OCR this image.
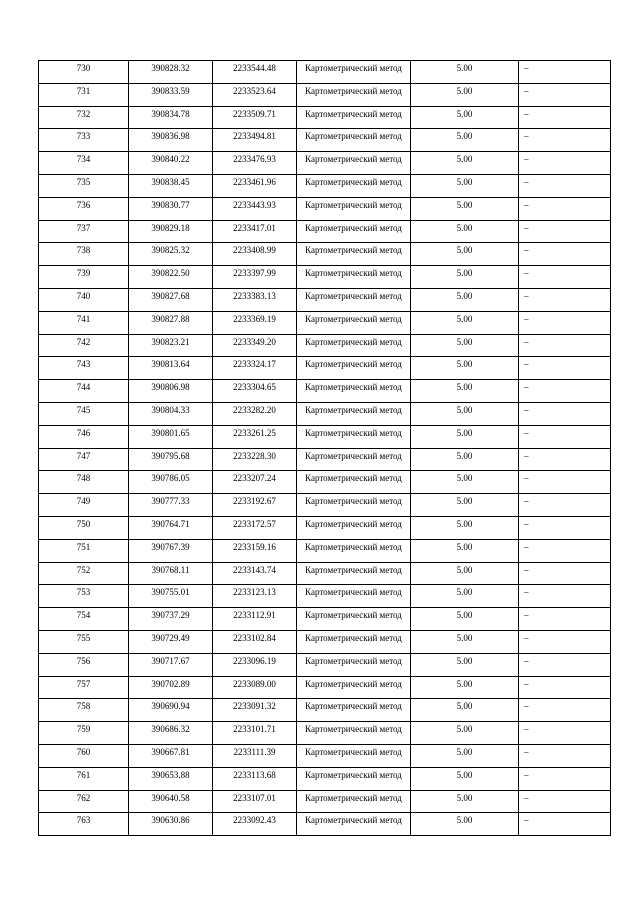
730	390828.32	2233544.48	Картометрический метод	5.00	–

731	390833.59	2233523.64	Картометрический метод	5.00	–

732	390834.78	2233509.71	Картометрический метод	5.00	–

733	390836.98	2233494.81	Картометрический метод	5.00	–

734	390840.22	2233476.93	Картометрический метод	5.00	–

735	390838.45	2233461.96	Картометрический метод	5.00	–

736	390830.77	2233443.93	Картометрический метод	5.00	–

737	390829.18	2233417.01	Картометрический метод	5.00	–

738	390825.32	2233408.99	Картометрический метод	5.00	–

739	390822.50	2233397.99	Картометрический метод	5.00	–

740	390827.68	2233383.13	Картометрический метод	5.00	–

741	390827.88	2233369.19	Картометрический метод	5.00	–

742	390823.21	2233349.20	Картометрический метод	5.00	–

743	390813.64	2233324.17	Картометрический метод	5.00	–

744	390806.98	2233304.65	Картометрический метод	5.00	–

745	390804.33	2233282.20	Картометрический метод	5.00	–

746	390801.65	2233261.25	Картометрический метод	5.00	–

747	390795.68	2233228.30	Картометрический метод	5.00	–

748	390786.05	2233207.24	Картометрический метод	5.00	–

749	390777.33	2233192.67	Картометрический метод	5.00	–

750	390764.71	2233172.57	Картометрический метод	5.00	–

751	390767.39	2233159.16	Картометрический метод	5.00	–

752	390768.11	2233143.74	Картометрический метод	5.00	–

753	390755.01	2233123.13	Картометрический метод	5.00	–

754	390737.29	2233112.91	Картометрический метод	5.00	–

755	390729.49	2233102.84	Картометрический метод	5.00	–

756	390717.67	2233096.19	Картометрический метод	5.00	–

757	390702.89	2233089.00	Картометрический метод	5.00	–

758	390690.94	2233091.32	Картометрический метод	5.00	–

759	390686.32	2233101.71	Картометрический метод	5.00	–

760	390667.81	2233111.39	Картометрический метод	5.00	–

761	390653.88	2233113.68	Картометрический метод	5.00	–

762	390640.58	2233107.01	Картометрический метод	5.00	–

763	390630.86	2233092.43	Картометрический метод	5.00	–
